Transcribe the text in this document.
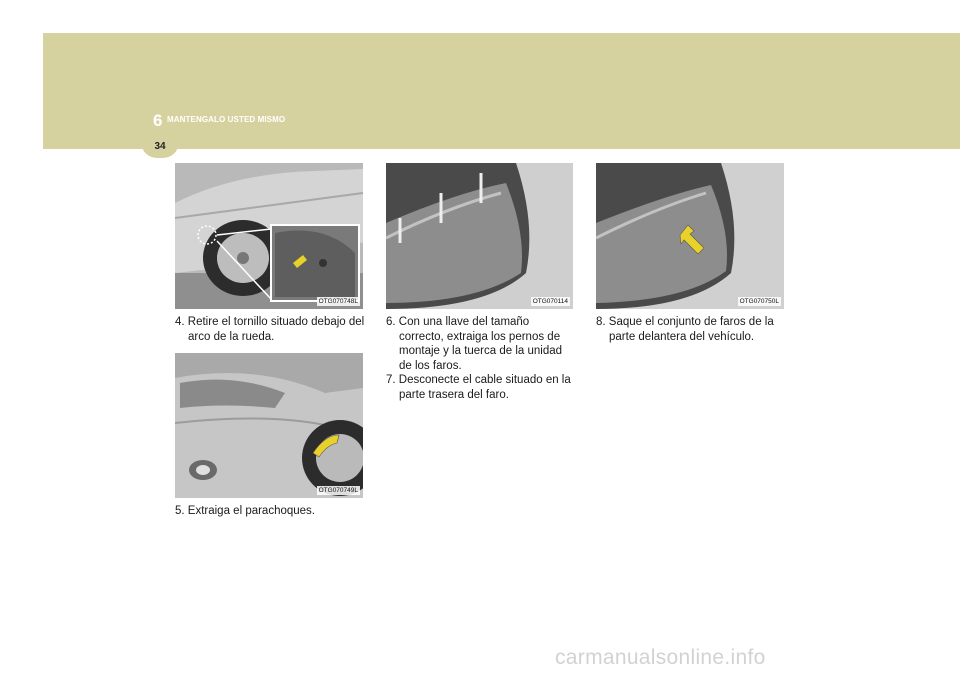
6 MANTENGALO USTED MISMO
34
OTG070748L
OTG070749L
OTG070114	OTG070750L

4. Retire el tornillo situado debajo del arco de la rueda.

5. Extraiga el parachoques.

6. Con una llave del tamaño correcto, extraiga los pernos de montaje y la tuerca de la unidad de los faros.

7. Desconecte el cable situado en la parte trasera del faro.

8. Saque el conjunto de faros de la parte delantera del vehículo.

carmanualsonline.info
